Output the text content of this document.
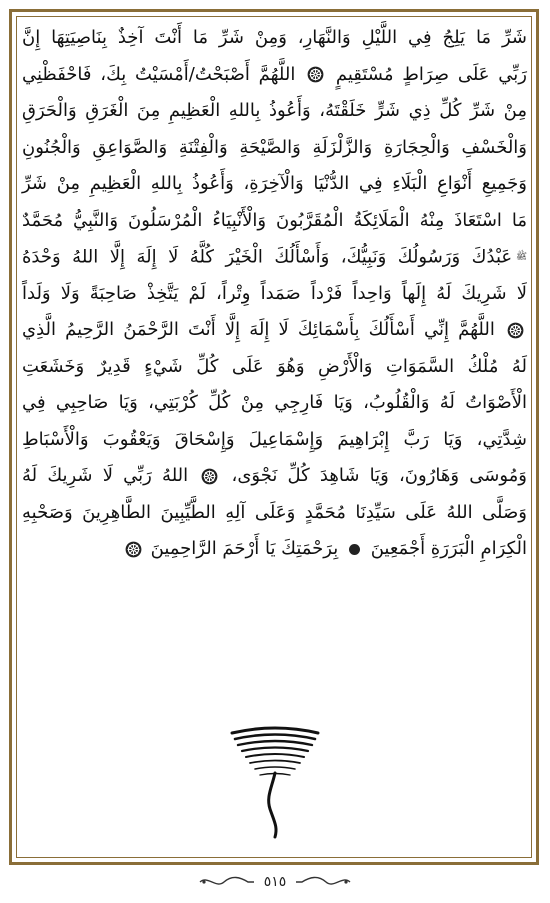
شَرِّ مَا يَلِجُ فِي اللَّيْلِ وَالنَّهَارِ، وَمِنْ شَرِّ مَا أَنْتَ آخِذٌ بِنَاصِيَتِهَا إِنَّ
رَبِّي عَلَى صِرَاطٍ مُسْتَقِيمٍ  اللَّهُمَّ أَصْبَحْتُ/أَمْسَيْتُ بِكَ، فَاحْفَظْنِي
مِنْ شَرِّ كُلِّ ذِي شَرٍّ خَلَقْتَهُ، وَأَعُوذُ بِاللهِ الْعَظِيمِ مِنَ الْغَرَقِ وَالْحَرَقِ
وَالْخَسْفِ وَالْحِجَارَةِ وَالزَّلْزَلَةِ وَالصَّيْحَةِ وَالْفِتْنَةِ وَالصَّوَاعِقِ وَالْجُنُونِ
وَجَمِيعِ أَنْوَاعِ الْبَلَاءِ فِي الدُّنْيَا وَالْآخِرَةِ، وَأَعُوذُ بِاللهِ الْعَظِيمِ مِنْ شَرِّ
مَا اسْتَعَاذَ مِنْهُ الْمَلَائِكَةُ الْمُقَرَّبُونَ وَالْأَنْبِيَاءُ الْمُرْسَلُونَ وَالنَّبِيُّ مُحَمَّدٌ
ﷺعَبْدُكَ وَرَسُولُكَ وَنَبِيُّكَ، وَأَسْأَلُكَ الْخَيْرَ كُلَّهُ لَا إِلَهَ إِلَّا اللهُ وَحْدَهُ
لَا شَرِيكَ لَهُ إِلَهاً وَاحِداً فَرْداً صَمَداً وِتْراً، لَمْ يَتَّخِذْ صَاحِبَةً وَلَا وَلَداً
اللَّهُمَّ إِنِّي أَسْأَلُكَ بِأَسْمَائِكَ لَا إِلَهَ إِلَّا أَنْتَ الرَّحْمَنُ الرَّحِيمُ الَّذِي
لَهُ مُلْكُ السَّمَوَاتِ وَالْأَرْضِ وَهُوَ عَلَى كُلِّ شَيْءٍ قَدِيرٌ وَخَشَعَتِ
الْأَصْوَاتُ لَهُ وَالْقُلُوبُ، وَيَا فَارِجِي مِنْ كُلِّ كُرْبَتِي، وَيَا صَاحِبِي فِي
شِدَّتِي، وَيَا رَبَّ إِبْرَاهِيمَ وَإِسْمَاعِيلَ وَإِسْحَاقَ وَيَعْقُوبَ وَالْأَسْبَاطِ
وَمُوسَى وَهَارُونَ، وَيَا شَاهِدَ كُلِّ نَجْوَى،  اللهُ رَبِّي لَا شَرِيكَ لَهُ
وَصَلَّى اللهُ عَلَى سَيِّدِنَا مُحَمَّدٍ وَعَلَى آلِهِ الطَّيِّبِينَ الطَّاهِرِينَ وَصَحْبِهِ
الْكِرَامِ الْبَرَرَةِ أَجْمَعِينَ  بِرَحْمَتِكَ يَا أَرْحَمَ الرَّاحِمِينَ
٥١٥
